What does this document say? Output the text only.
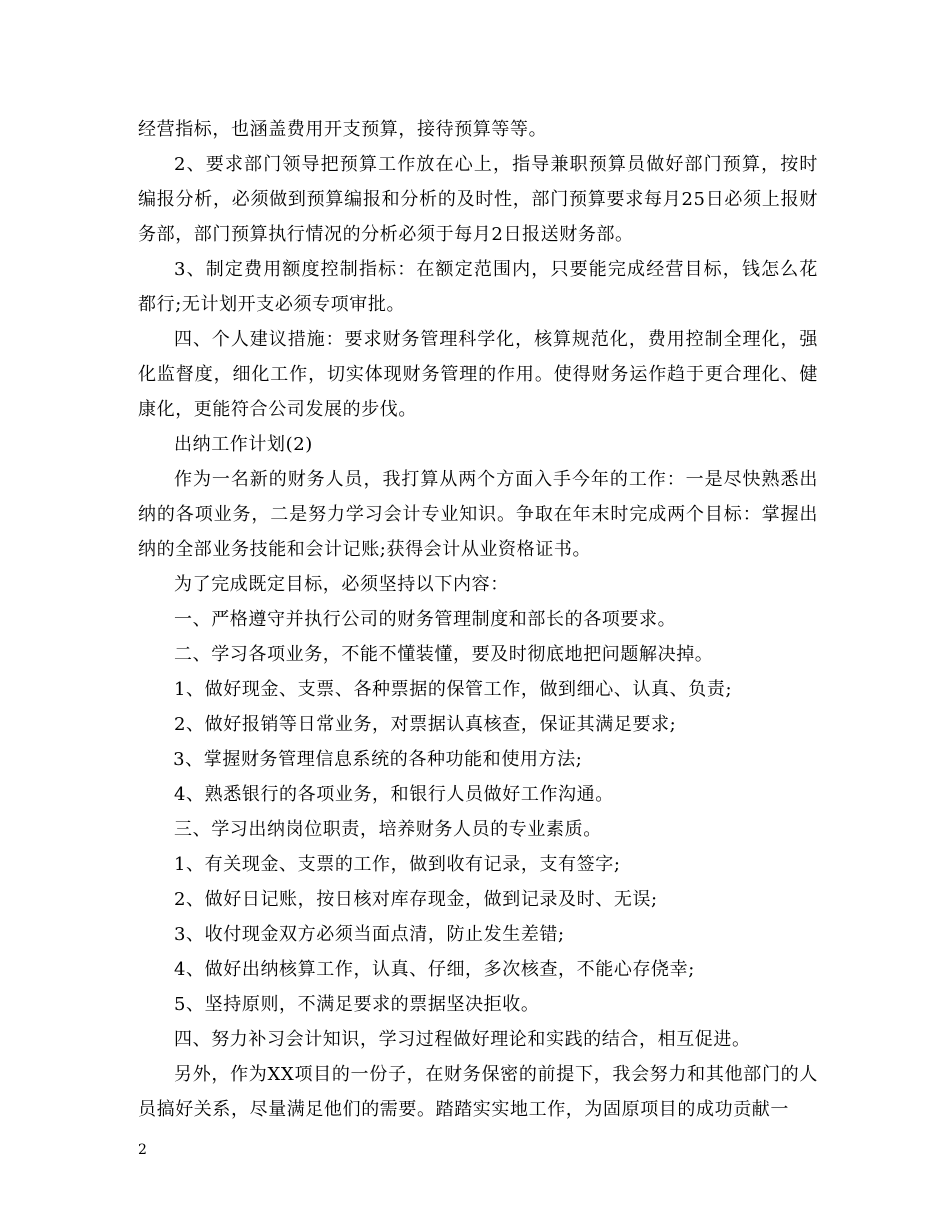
经营指标，也涵盖费用开支预算，接待预算等等。

2、要求部门领导把预算工作放在心上，指导兼职预算员做好部门预算，按时编报分析，必须做到预算编报和分析的及时性，部门预算要求每月25日必须上报财务部，部门预算执行情况的分析必须于每月2日报送财务部。

3、制定费用额度控制指标：在额定范围内，只要能完成经营目标，钱怎么花都行;无计划开支必须专项审批。

四、个人建议措施：要求财务管理科学化，核算规范化，费用控制全理化，强化监督度，细化工作，切实体现财务管理的作用。使得财务运作趋于更合理化、健康化，更能符合公司发展的步伐。

出纳工作计划(2)

作为一名新的财务人员，我打算从两个方面入手今年的工作：一是尽快熟悉出纳的各项业务，二是努力学习会计专业知识。争取在年末时完成两个目标：掌握出纳的全部业务技能和会计记账;获得会计从业资格证书。

为了完成既定目标，必须坚持以下内容：

一、严格遵守并执行公司的财务管理制度和部长的各项要求。

二、学习各项业务，不能不懂装懂，要及时彻底地把问题解决掉。

1、做好现金、支票、各种票据的保管工作，做到细心、认真、负责;

2、做好报销等日常业务，对票据认真核查，保证其满足要求;

3、掌握财务管理信息系统的各种功能和使用方法;

4、熟悉银行的各项业务，和银行人员做好工作沟通。

三、学习出纳岗位职责，培养财务人员的专业素质。

1、有关现金、支票的工作，做到收有记录，支有签字;

2、做好日记账，按日核对库存现金，做到记录及时、无误;

3、收付现金双方必须当面点清，防止发生差错;

4、做好出纳核算工作，认真、仔细，多次核查，不能心存侥幸;

5、坚持原则，不满足要求的票据坚决拒收。

四、努力补习会计知识，学习过程做好理论和实践的结合，相互促进。

另外，作为XX项目的一份子，在财务保密的前提下，我会努力和其他部门的人员搞好关系，尽量满足他们的需要。踏踏实实地工作，为固原项目的成功贡献一

2
